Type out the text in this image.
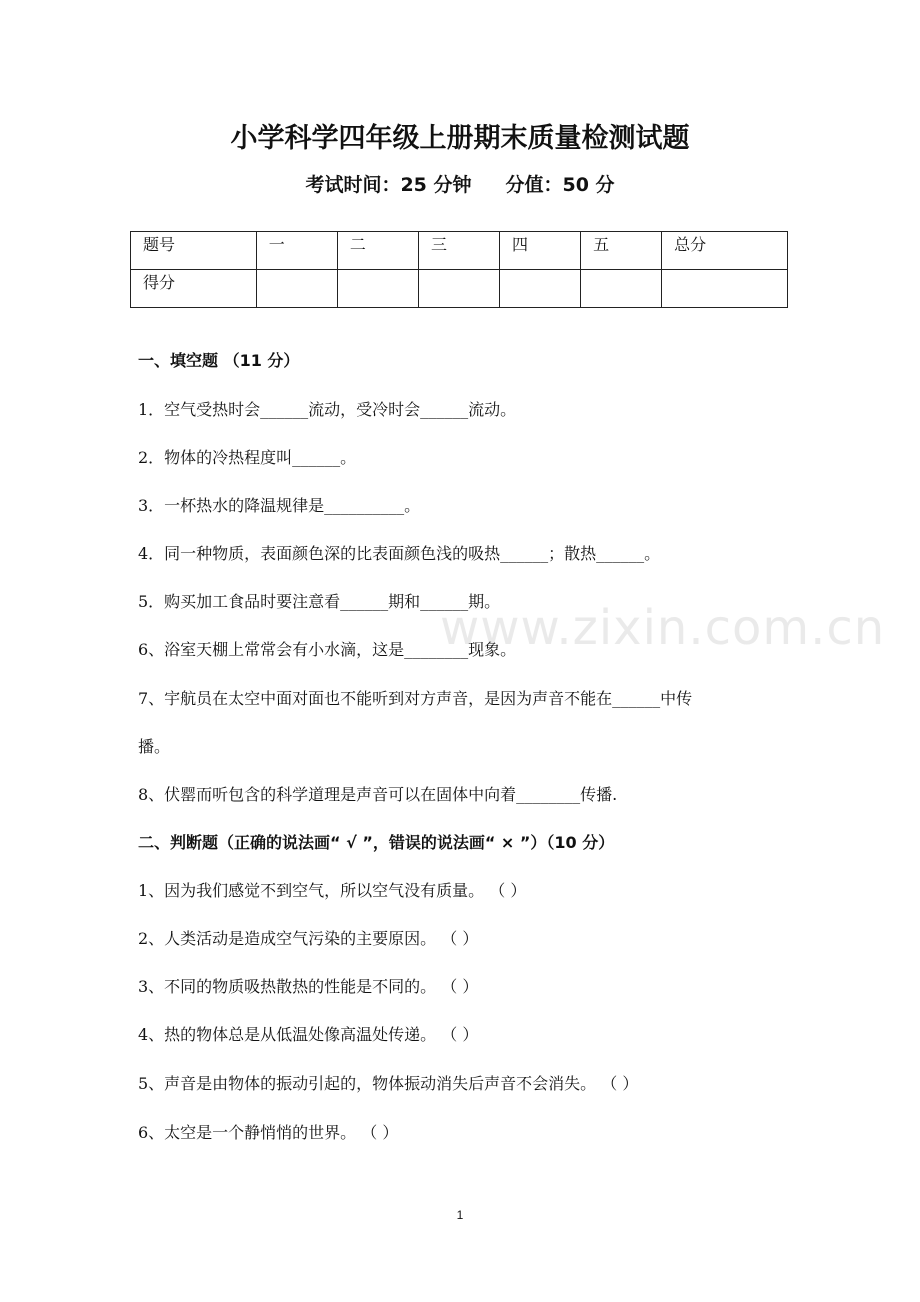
小学科学四年级上册期末质量检测试题
考试时间：25 分钟 分值：50 分
题号	一	二	三	四	五	总分
得分						
一、填空题 （11 分）
1．空气受热时会______流动，受冷时会______流动。
2．物体的冷热程度叫______。
3．一杯热水的降温规律是__________。
4．同一种物质，表面颜色深的比表面颜色浅的吸热______；散热______。
5．购买加工食品时要注意看______期和______期。
6、浴室天棚上常常会有小水滴，这是________现象。
7、宇航员在太空中面对面也不能听到对方声音，是因为声音不能在______中传
播。
8、伏罂而听包含的科学道理是声音可以在固体中向着________传播.
二、判断题（正确的说法画“ √ ”，错误的说法画“ × ”）（10 分）
1、因为我们感觉不到空气，所以空气没有质量。 （ ）
2、人类活动是造成空气污染的主要原因。 （ ）
3、不同的物质吸热散热的性能是不同的。 （ ）
4、热的物体总是从低温处像高温处传递。 （ ）
5、声音是由物体的振动引起的，物体振动消失后声音不会消失。 （ ）
6、太空是一个静悄悄的世界。 （ ）
www.zixin.com.cn
1
